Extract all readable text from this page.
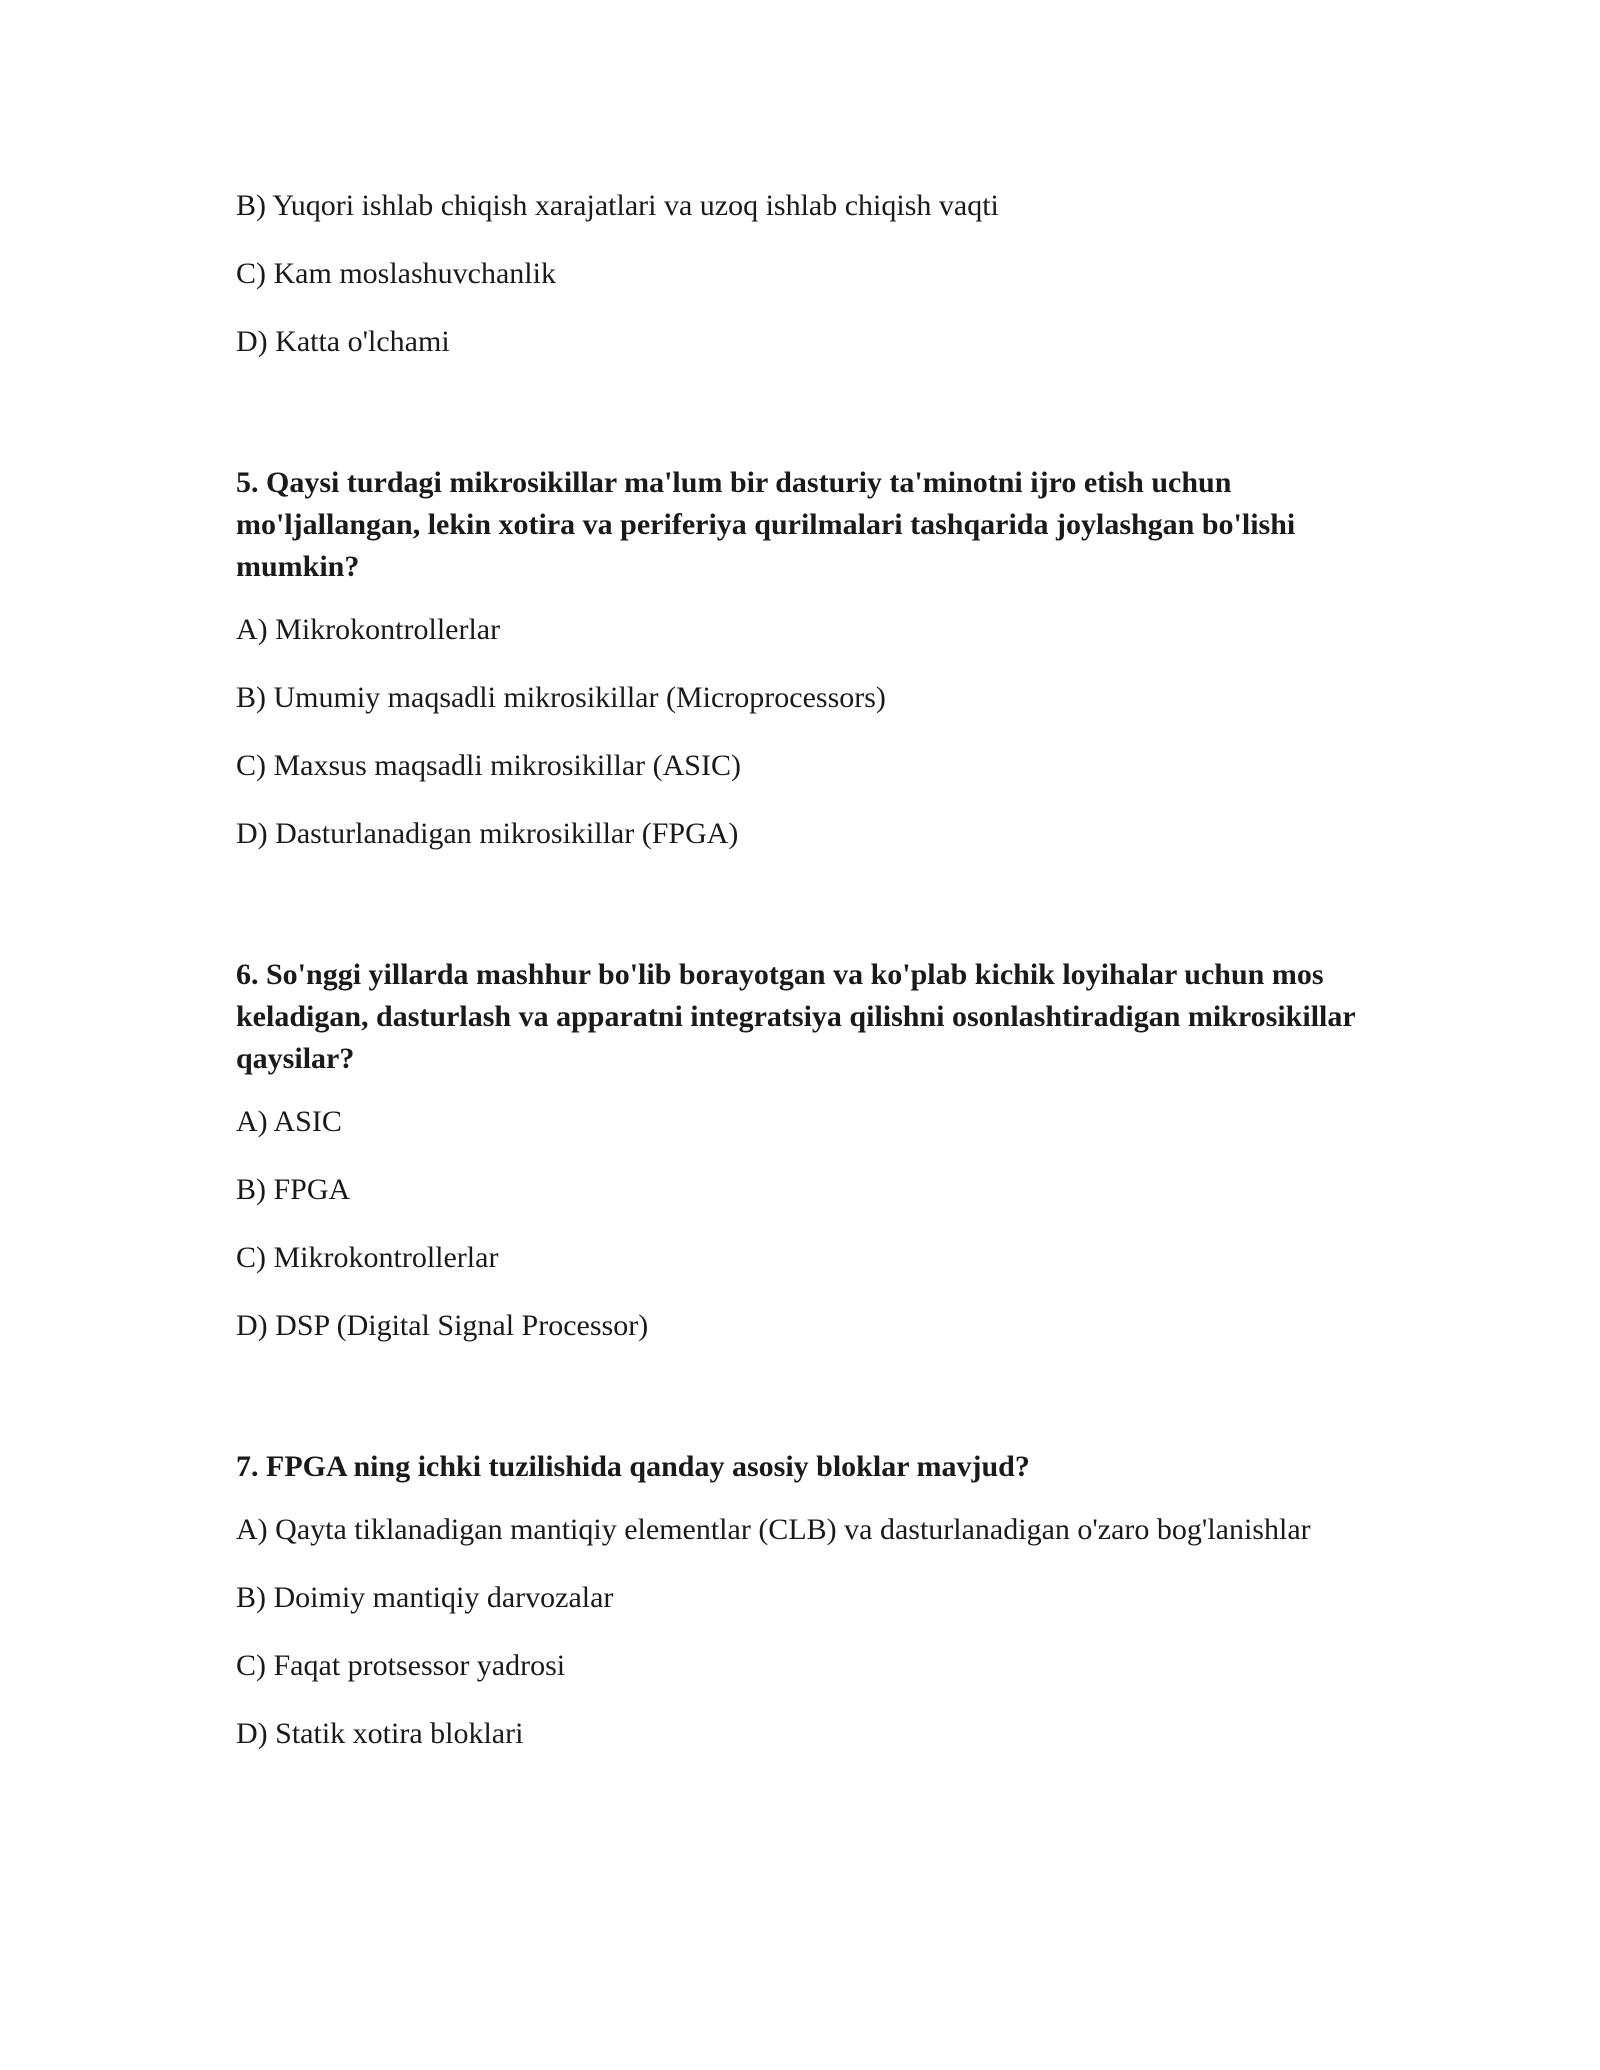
B) Yuqori ishlab chiqish xarajatlari va uzoq ishlab chiqish vaqti

C) Kam moslashuvchanlik

D) Katta o'lchami

5. Qaysi turdagi mikrosikillar ma'lum bir dasturiy ta'minotni ijro etish uchun mo'ljallangan, lekin xotira va periferiya qurilmalari tashqarida joylashgan bo'lishi mumkin?

A) Mikrokontrollerlar

B) Umumiy maqsadli mikrosikillar (Microprocessors)

C) Maxsus maqsadli mikrosikillar (ASIC)

D) Dasturlanadigan mikrosikillar (FPGA)

6. So'nggi yillarda mashhur bo'lib borayotgan va ko'plab kichik loyihalar uchun mos keladigan, dasturlash va apparatni integratsiya qilishni osonlashtiradigan mikrosikillar qaysilar?

A) ASIC

B) FPGA

C) Mikrokontrollerlar

D) DSP (Digital Signal Processor)

7. FPGA ning ichki tuzilishida qanday asosiy bloklar mavjud?

A) Qayta tiklanadigan mantiqiy elementlar (CLB) va dasturlanadigan o'zaro bog'lanishlar

B) Doimiy mantiqiy darvozalar

C) Faqat protsessor yadrosi

D) Statik xotira bloklari
